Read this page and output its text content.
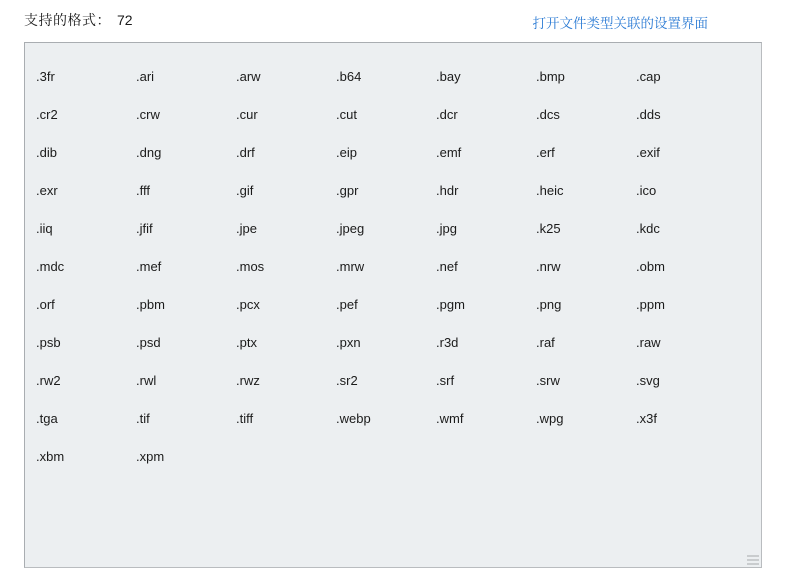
支持的格式： 72	打开文件类型关联的设置界面
.3fr	.ari	.arw	.b64	.bay	.bmp	.cap
.cr2	.crw	.cur	.cut	.dcr	.dcs	.dds
.dib	.dng	.drf	.eip	.emf	.erf	.exif
.exr	.fff	.gif	.gpr	.hdr	.heic	.ico
.iiq	.jfif	.jpe	.jpeg	.jpg	.k25	.kdc
.mdc	.mef	.mos	.mrw	.nef	.nrw	.obm
.orf	.pbm	.pcx	.pef	.pgm	.png	.ppm
.psb	.psd	.ptx	.pxn	.r3d	.raf	.raw
.rw2	.rwl	.rwz	.sr2	.srf	.srw	.svg
.tga	.tif	.tiff	.webp	.wmf	.wpg	.x3f
.xbm	.xpm
